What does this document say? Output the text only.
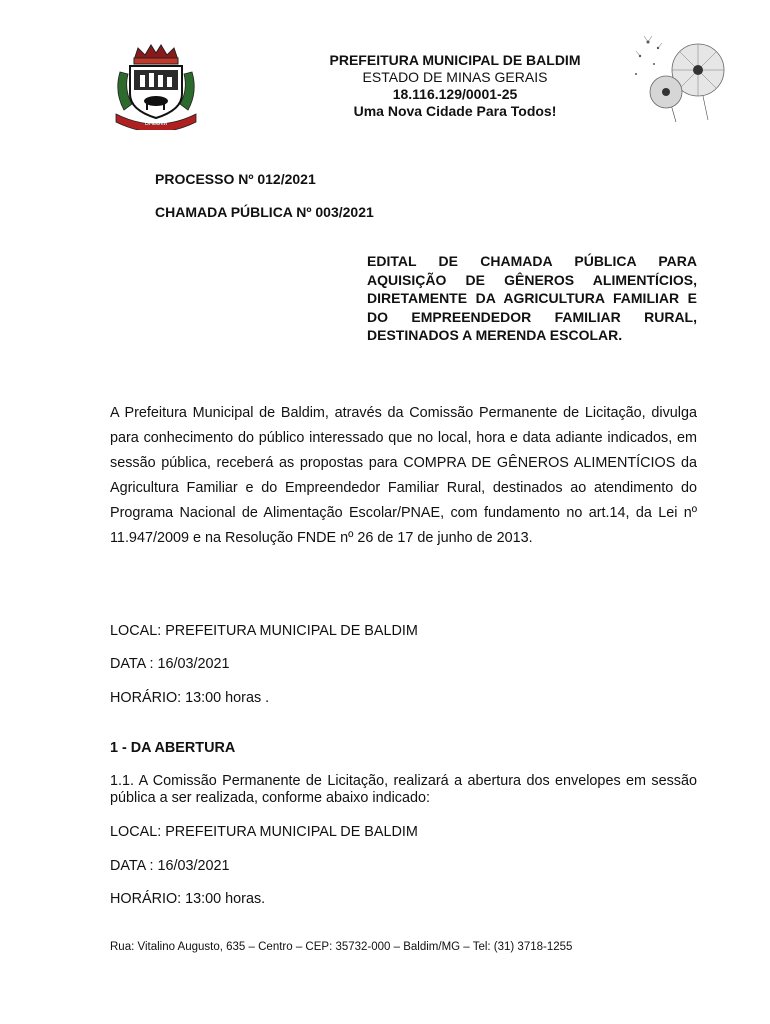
BALDIM
PREFEITURA MUNICIPAL DE BALDIM
ESTADO DE MINAS GERAIS
18.116.129/0001-25
Uma Nova Cidade Para Todos!
PROCESSO Nº 012/2021
CHAMADA PÚBLICA Nº 003/2021
EDITAL DE CHAMADA PÚBLICA PARA AQUISIÇÃO DE GÊNEROS ALIMENTÍCIOS, DIRETAMENTE DA AGRICULTURA FAMILIAR E DO EMPREENDEDOR FAMILIAR RURAL, DESTINADOS A MERENDA ESCOLAR.
A Prefeitura Municipal de Baldim, através da Comissão Permanente de Licitação, divulga para conhecimento do público interessado que no local, hora e data adiante indicados, em sessão pública, receberá as propostas para COMPRA DE GÊNEROS ALIMENTÍCIOS da Agricultura Familiar e do Empreendedor Familiar Rural, destinados ao atendimento do Programa Nacional de Alimentação Escolar/PNAE, com fundamento no art.14, da Lei nº 11.947/2009 e na Resolução FNDE nº 26 de 17 de junho de 2013.
LOCAL: PREFEITURA MUNICIPAL DE BALDIM
DATA : 16/03/2021
HORÁRIO: 13:00 horas .
1 - DA ABERTURA
1.1. A Comissão Permanente de Licitação, realizará a abertura dos envelopes em sessão pública a ser realizada, conforme abaixo indicado:
LOCAL: PREFEITURA MUNICIPAL DE BALDIM
DATA : 16/03/2021
HORÁRIO: 13:00 horas.
Rua: Vitalino Augusto, 635 – Centro – CEP: 35732-000 – Baldim/MG – Tel: (31) 3718-1255
